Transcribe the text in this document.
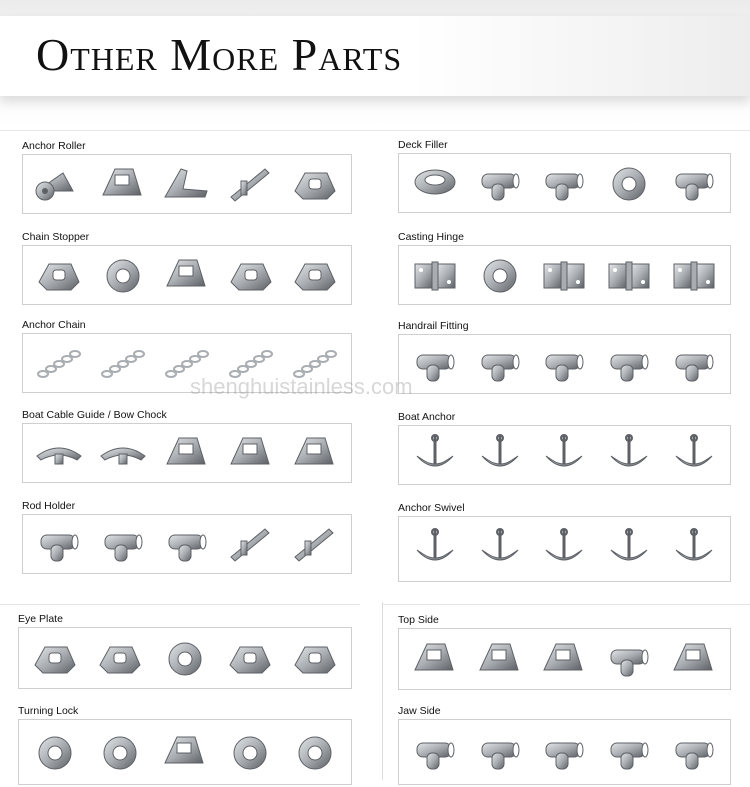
Other More Parts
Anchor Roller	Deck Filler
Chain Stopper	Casting Hinge
Anchor Chain	Handrail Fitting
Boat Cable Guide / Bow Chock	Boat Anchor
Rod Holder	Anchor Swivel
Eye Plate	Top Side
Turning Lock	Jaw Side
shenghuistainless.com
